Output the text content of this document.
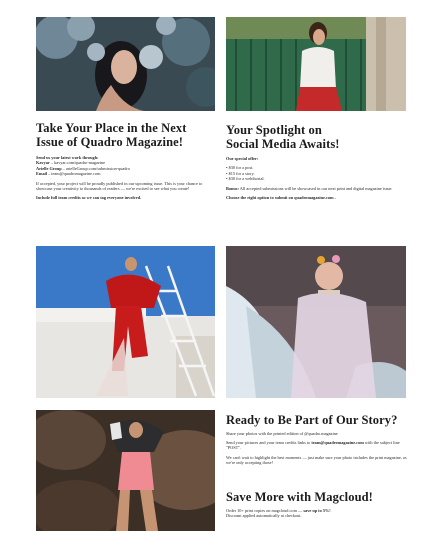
Take Your Place in the Next Issue of Quadro Magazine!

Send us your latest work through:

Kavyar – kavyar.com/quadro-magazine

Arielle Group – arielleGroup.com/submission-quadro

Email – team@quadromagazine.com

If accepted, your project will be proudly published in our upcoming issue. This is your chance to showcase your creativity to thousands of readers — we're excited to see what you create!

Include full team credits so we can tag everyone involved.

Your Spotlight on Social Media Awaits!

Our special offer:

• $30 for a post.

• $15 for a story.

• $30 for a webiborial.

Bonus: All accepted submissions will be showcased in our next print and digital magazine issue.

Choose the right option to submit on quadromagazine.com .

Ready to Be Part of Our Story?

Share your photos with the printed edition of @quadro.magazine

Send your pictures and your team credits links to team@quadromagazine.com with the subject line "POST".

We can't wait to highlight the best moments — just make sure your photo includes the print magazine, as we're only accepting those!

Save More with Magcloud!

Order 10+ print copies on magcloud.com — save up to 5%!

Discount applied automatically at checkout.
